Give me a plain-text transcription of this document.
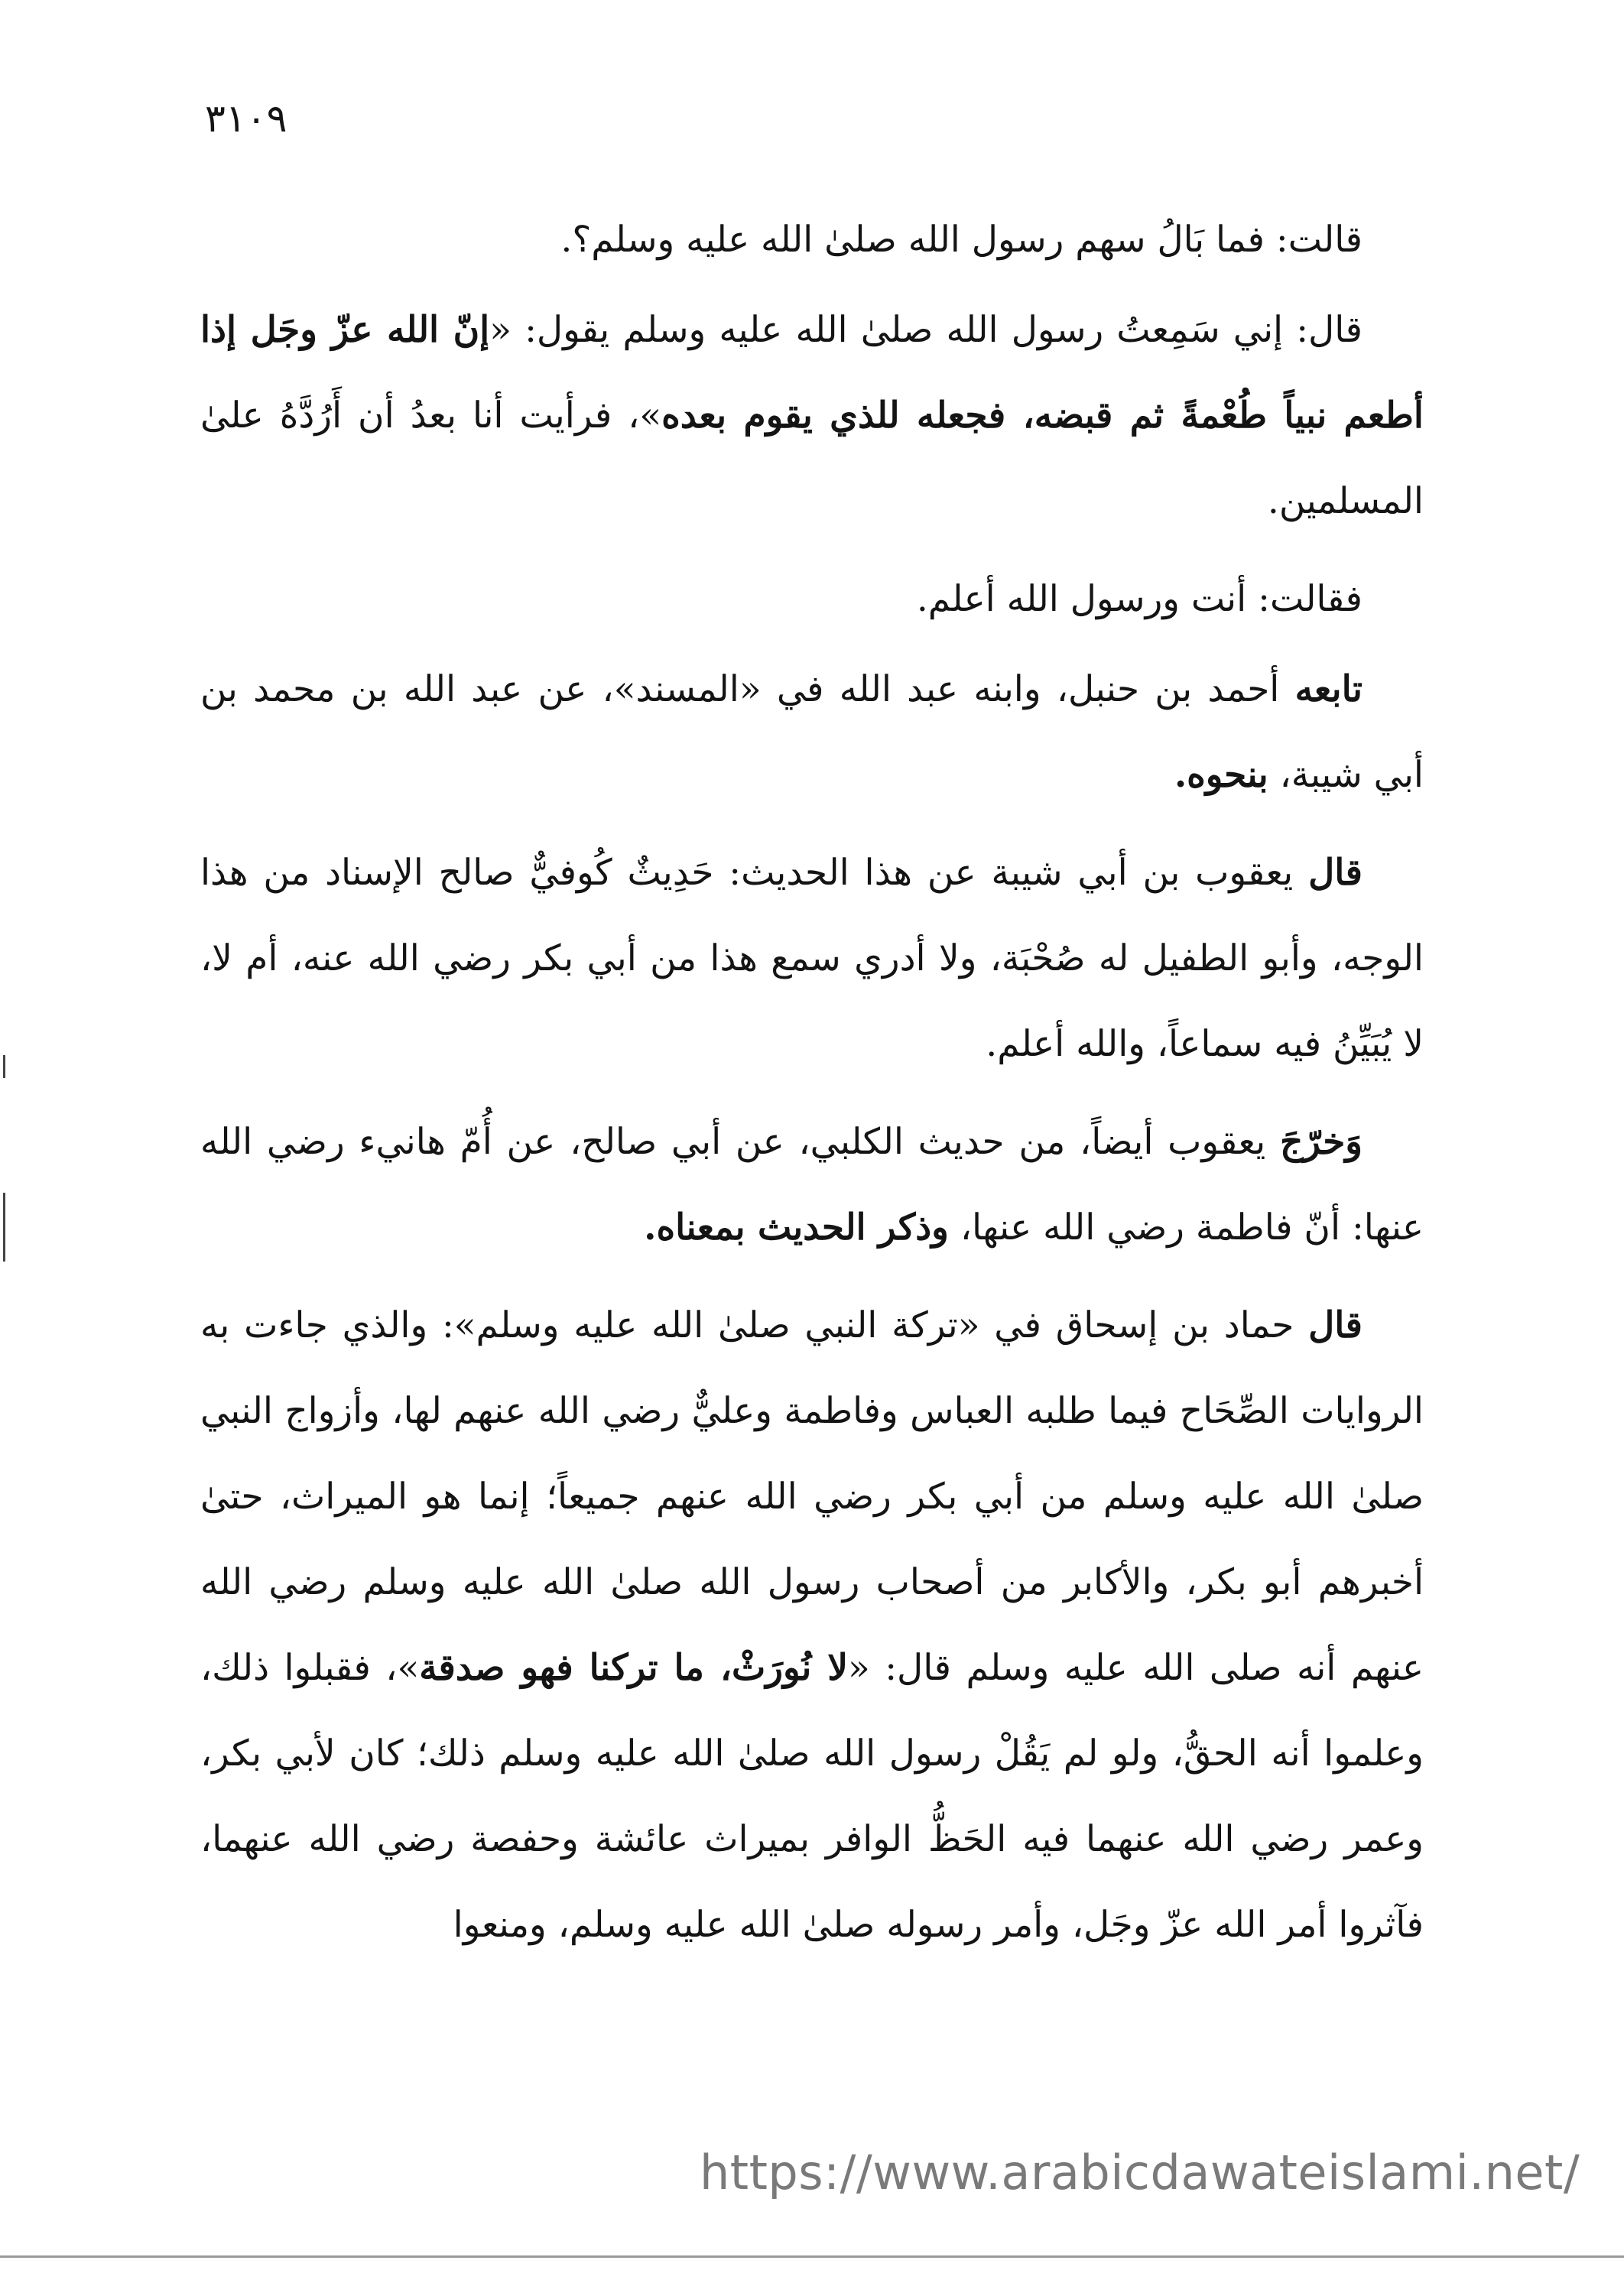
٣١٠٩

قالت: فما بَالُ سهم رسول الله صلىٰ الله عليه وسلم؟.

قال: إني سَمِعتُ رسول الله صلىٰ الله عليه وسلم يقول: «إنّ الله عزّ وجَل إذا أطعم نبياً طُعْمةً ثم قبضه، فجعله للذي يقوم بعده»، فرأيت أنا بعدُ أن أَرُدَّهُ علىٰ المسلمين.

فقالت: أنت ورسول الله أعلم.

تابعه أحمد بن حنبل، وابنه عبد الله في «المسند»، عن عبد الله بن محمد بن أبي شيبة، بنحوه.

قال يعقوب بن أبي شيبة عن هذا الحديث: حَدِيثٌ كُوفيٌّ صالح الإسناد من هذا الوجه، وأبو الطفيل له صُحْبَة، ولا أدري سمع هذا من أبي بكر رضي الله عنه، أم لا، لا يُبَيِّنُ فيه سماعاً، والله أعلم.

وَخرّجَ يعقوب أيضاً، من حديث الكلبي، عن أبي صالح، عن أُمّ هانيء رضي الله عنها: أنّ فاطمة رضي الله عنها، وذكر الحديث بمعناه.

قال حماد بن إسحاق في «تركة النبي صلىٰ الله عليه وسلم»: والذي جاءت به الروايات الصِّحَاح فيما طلبه العباس وفاطمة وعليٌّ رضي الله عنهم لها، وأزواج النبي صلىٰ الله عليه وسلم من أبي بكر رضي الله عنهم جميعاً؛ إنما هو الميراث، حتىٰ أخبرهم أبو بكر، والأكابر من أصحاب رسول الله صلىٰ الله عليه وسلم رضي الله عنهم أنه صلى الله عليه وسلم قال: «لا نُورَثْ، ما تركنا فهو صدقة»، فقبلوا ذلك، وعلموا أنه الحقُّ، ولو لم يَقُلْ رسول الله صلىٰ الله عليه وسلم ذلك؛ كان لأبي بكر، وعمر رضي الله عنهما فيه الحَظُّ الوافر بميراث عائشة وحفصة رضي الله عنهما، فآثروا أمر الله عزّ وجَل، وأمر رسوله صلىٰ الله عليه وسلم، ومنعوا

https://www.arabicdawateislami.net/
